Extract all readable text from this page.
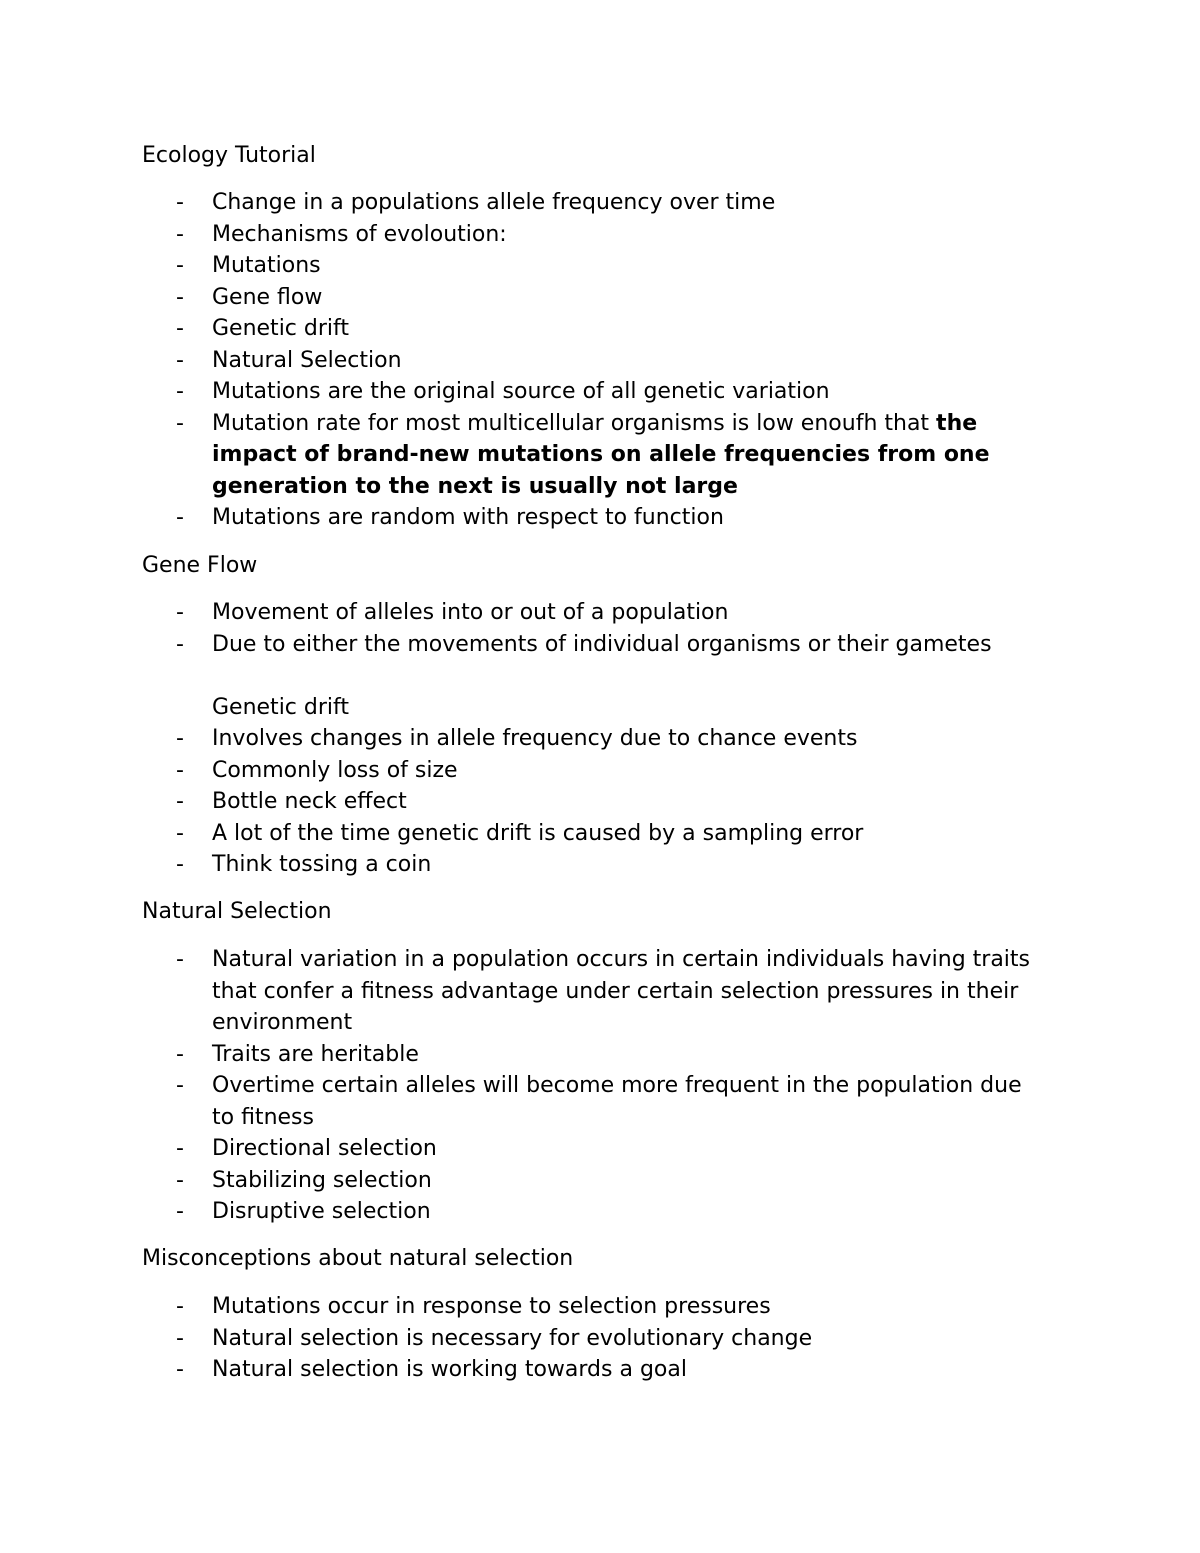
Ecology Tutorial
- Change in a populations allele frequency over time
- Mechanisms of evoloution:
- Mutations
- Gene flow
- Genetic drift
- Natural Selection
- Mutations are the original source of all genetic variation
- Mutation rate for most multicellular organisms is low enoufh that the impact of brand-new mutations on allele frequencies from one generation to the next is usually not large
- Mutations are random with respect to function
Gene Flow
- Movement of alleles into or out of a population
- Due to either the movements of individual organisms or their gametes

Genetic drift

- Involves changes in allele frequency due to chance events
- Commonly loss of size
- Bottle neck effect
- A lot of the time genetic drift is caused by a sampling error
- Think tossing a coin
Natural Selection
- Natural variation in a population occurs in certain individuals having traits that confer a fitness advantage under certain selection pressures in their environment
- Traits are heritable
- Overtime certain alleles will become more frequent in the population due to fitness
- Directional selection
- Stabilizing selection
- Disruptive selection
Misconceptions about natural selection
- Mutations occur in response to selection pressures
- Natural selection is necessary for evolutionary change
- Natural selection is working towards a goal
